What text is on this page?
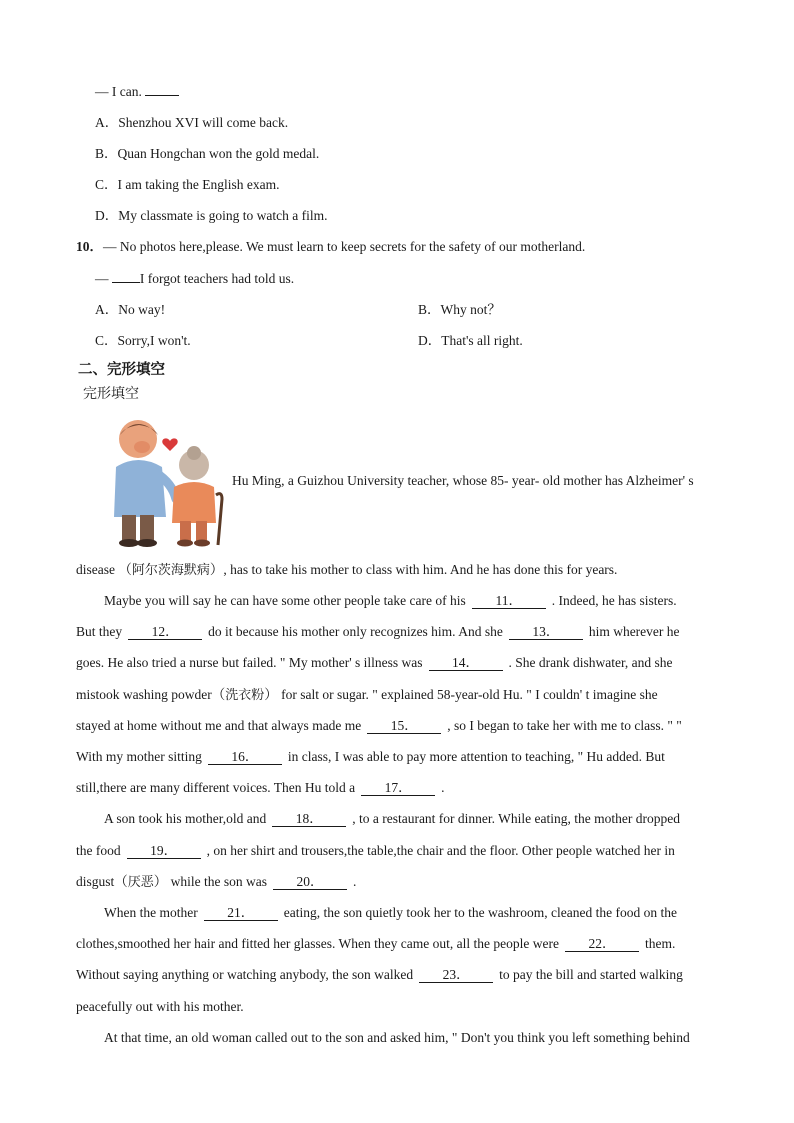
— I can.
A．Shenzhou XVI will come back.
B．Quan Hongchan won the gold medal.
C．I am taking the English exam.
D．My classmate is going to watch a film.
10．— No photos here,please. We must learn to keep secrets for the safety of our motherland.
— I forgot teachers had told us.
A．No way!	B．Why not？
C．Sorry,I won't.	D．That's all right.
二、完形填空
完形填空
Hu Ming, a Guizhou University teacher, whose 85- year- old mother has Alzheimer' s
disease （阿尔茨海默病）, has to take his mother to class with him. And he has done this for years.
Maybe you will say he can have some other people take care of his 11． . Indeed, he has sisters.
But they 12． do it because his mother only recognizes him. And she 13． him wherever he
goes. He also tried a nurse but failed. " My mother' s illness was 14． . She drank dishwater, and she
mistook washing powder（洗衣粉） for salt or sugar. " explained 58-year-old Hu. " I couldn' t imagine she
stayed at home without me and that always made me 15． , so I began to take her with me to class. " "
With my mother sitting 16． in class, I was able to pay more attention to teaching, " Hu added. But
still,there are many different voices. Then Hu told a 17． .
A son took his mother,old and 18． , to a restaurant for dinner. While eating, the mother dropped
the food 19． , on her shirt and trousers,the table,the chair and the floor. Other people watched her in
disgust（厌恶） while the son was 20． .
When the mother 21． eating, the son quietly took her to the washroom, cleaned the food on the
clothes,smoothed her hair and fitted her glasses. When they came out, all the people were 22． them.
Without saying anything or watching anybody, the son walked 23． to pay the bill and started walking
peacefully out with his mother.
At that time, an old woman called out to the son and asked him, " Don't you think you left something behind
